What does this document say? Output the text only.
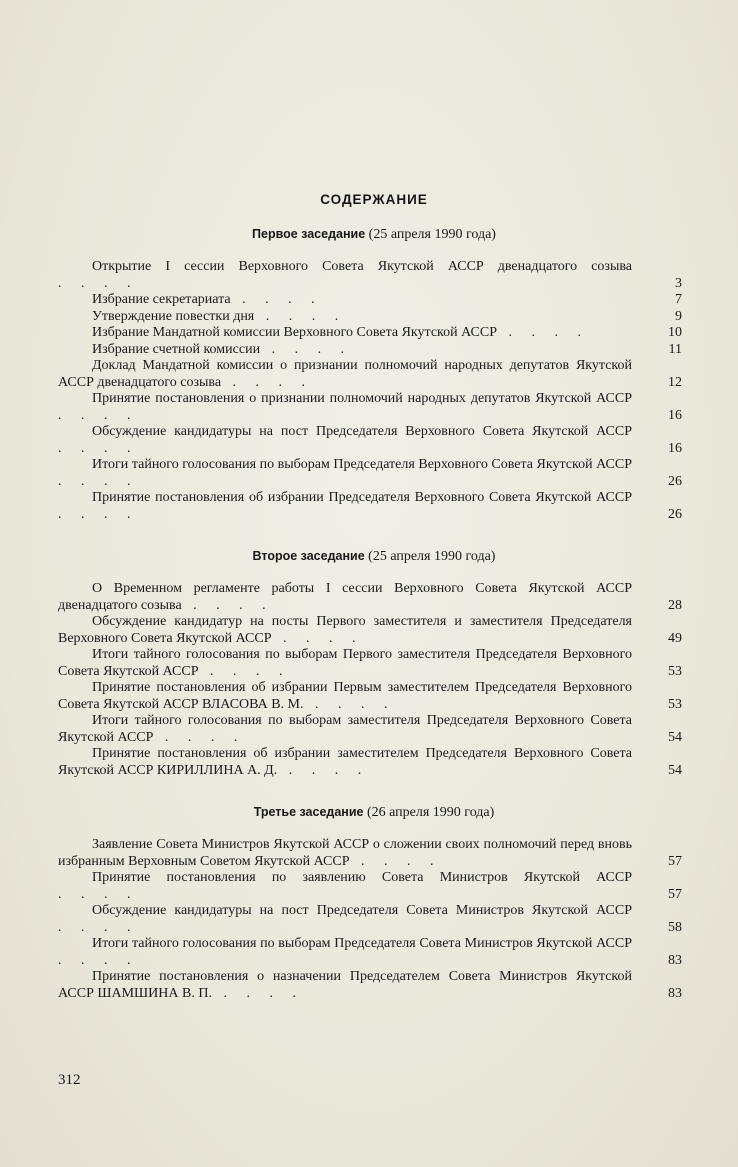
СОДЕРЖАНИЕ
Первое заседание (25 апреля 1990 года)
Открытие I сессии Верховного Совета Якутской АССР двенадцатого созыва . . . .	3
Избрание секретариата . . . .	7
Утверждение повестки дня . . . .	9
Избрание Мандатной комиссии Верховного Совета Якутской АССР . . . .	10
Избрание счетной комиссии . . . .	11
Доклад Мандатной комиссии о признании полномочий народных депутатов Якутской АССР двенадцатого созыва . . . .	12
Принятие постановления о признании полномочий народных депутатов Якутской АССР . . . .	16
Обсуждение кандидатуры на пост Председателя Верховного Совета Якутской АССР . . . .	16
Итоги тайного голосования по выборам Председателя Верховного Совета Якутской АССР . . . .	26
Принятие постановления об избрании Председателя Верховного Совета Якутской АССР . . . .	26
Второе заседание (25 апреля 1990 года)
О Временном регламенте работы I сессии Верховного Совета Якутской АССР двенадцатого созыва . . . .	28
Обсуждение кандидатур на посты Первого заместителя и заместителя Председателя Верховного Совета Якутской АССР . . . .	49
Итоги тайного голосования по выборам Первого заместителя Председателя Верховного Совета Якутской АССР . . . .	53
Принятие постановления об избрании Первым заместителем Председателя Верховного Совета Якутской АССР ВЛАСОВА В. М. . . . .	53
Итоги тайного голосования по выборам заместителя Председателя Верховного Совета Якутской АССР . . . .	54
Принятие постановления об избрании заместителем Председателя Верховного Совета Якутской АССР КИРИЛЛИНА А. Д. . . . .	54
Третье заседание (26 апреля 1990 года)
Заявление Совета Министров Якутской АССР о сложении своих полномочий перед вновь избранным Верховным Советом Якутской АССР . . . .	57
Принятие постановления по заявлению Совета Министров Якутской АССР . . . .	57
Обсуждение кандидатуры на пост Председателя Совета Министров Якутской АССР . . . .	58
Итоги тайного голосования по выборам Председателя Совета Министров Якутской АССР . . . .	83
Принятие постановления о назначении Председателем Совета Министров Якутской АССР ШАМШИНА В. П. . . . .	83
312
